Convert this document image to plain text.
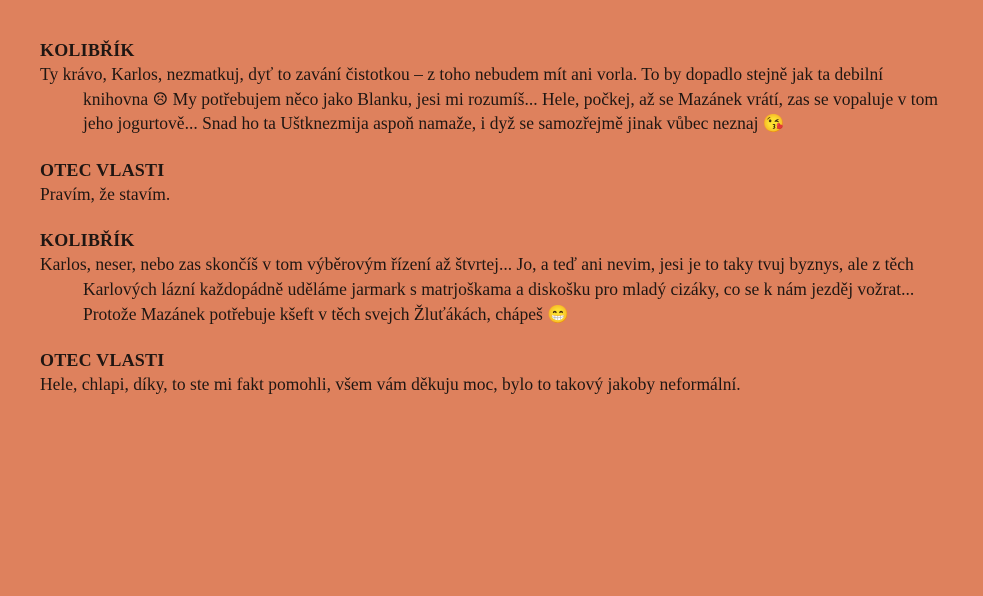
KOLIBŘÍK

Ty krávo, Karlos, nezmatkuj, dyť to zavání čistotkou – z toho nebudem mít ani vorla. To by dopadlo stejně jak ta debilní knihovna ☹ My potřebujem něco jako Blanku, jesi mi rozumíš... Hele, počkej, až se Mazánek vrátí, zas se vopaluje v tom jeho jogurtově... Snad ho ta Uštknezmija aspoň namaže, i dyž se samozřejmě jinak vůbec neznaj 😘

OTEC VLASTI

Pravím, že stavím.

KOLIBŘÍK

Karlos, neser, nebo zas skončíš v tom výběrovým řízení až štvrtej... Jo, a teď ani nevim, jesi je to taky tvuj byznys, ale z těch Karlových lázní každopádně uděláme jarmark s matrjoškama a diskošku pro mladý cizáky, co se k nám jezděj vožrat... Protože Mazánek potřebuje kšeft v těch svejch Žluťákách, chápeš 😁

OTEC VLASTI

Hele, chlapi, díky, to ste mi fakt pomohli, všem vám děkuju moc, bylo to takový jakoby neformální.
